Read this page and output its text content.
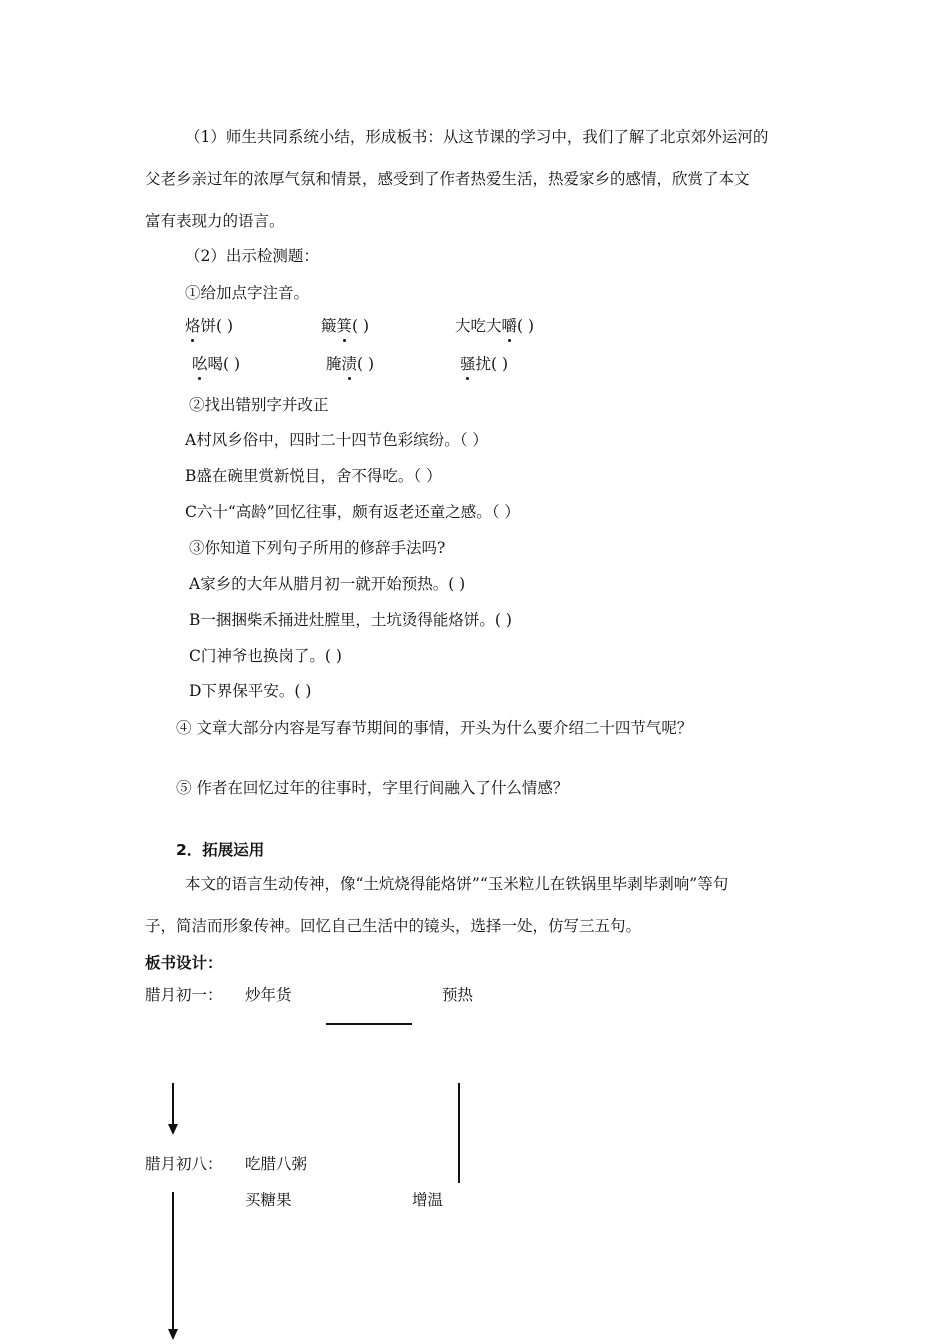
（1）师生共同系统小结，形成板书：从这节课的学习中，我们了解了北京郊外运河的
父老乡亲过年的浓厚气氛和情景，感受到了作者热爱生活，热爱家乡的感情，欣赏了本文
富有表现力的语言。
（2）出示检测题：
①给加点字注音。
烙饼( )	簸箕( )	大吃大嚼( )
吆喝( )	腌渍( )	骚扰( )
②找出错别字并改正
A村风乡俗中，四时二十四节色彩缤纷。（ ）
B盛在碗里赏新悦目，舍不得吃。（ ）
C六十“高龄”回忆往事，颇有返老还童之感。（ ）
③你知道下列句子所用的修辞手法吗?
A家乡的大年从腊月初一就开始预热。( )
B一捆捆柴禾捅进灶膛里，土坑烫得能烙饼。( )
C门神爷也换岗了。( )
D下界保平安。( )
④ 文章大部分内容是写春节期间的事情，开头为什么要介绍二十四节气呢？
⑤ 作者在回忆过年的往事时，字里行间融入了什么情感？
2．拓展运用
本文的语言生动传神，像“土炕烧得能烙饼”“玉米粒儿在铁锅里毕剥毕剥响”等句
子，简洁而形象传神。回忆自己生活中的镜头，选择一处，仿写三五句。
板书设计：
腊月初一： 炒年货	预热
腊月初八： 吃腊八粥
买糖果	增温
